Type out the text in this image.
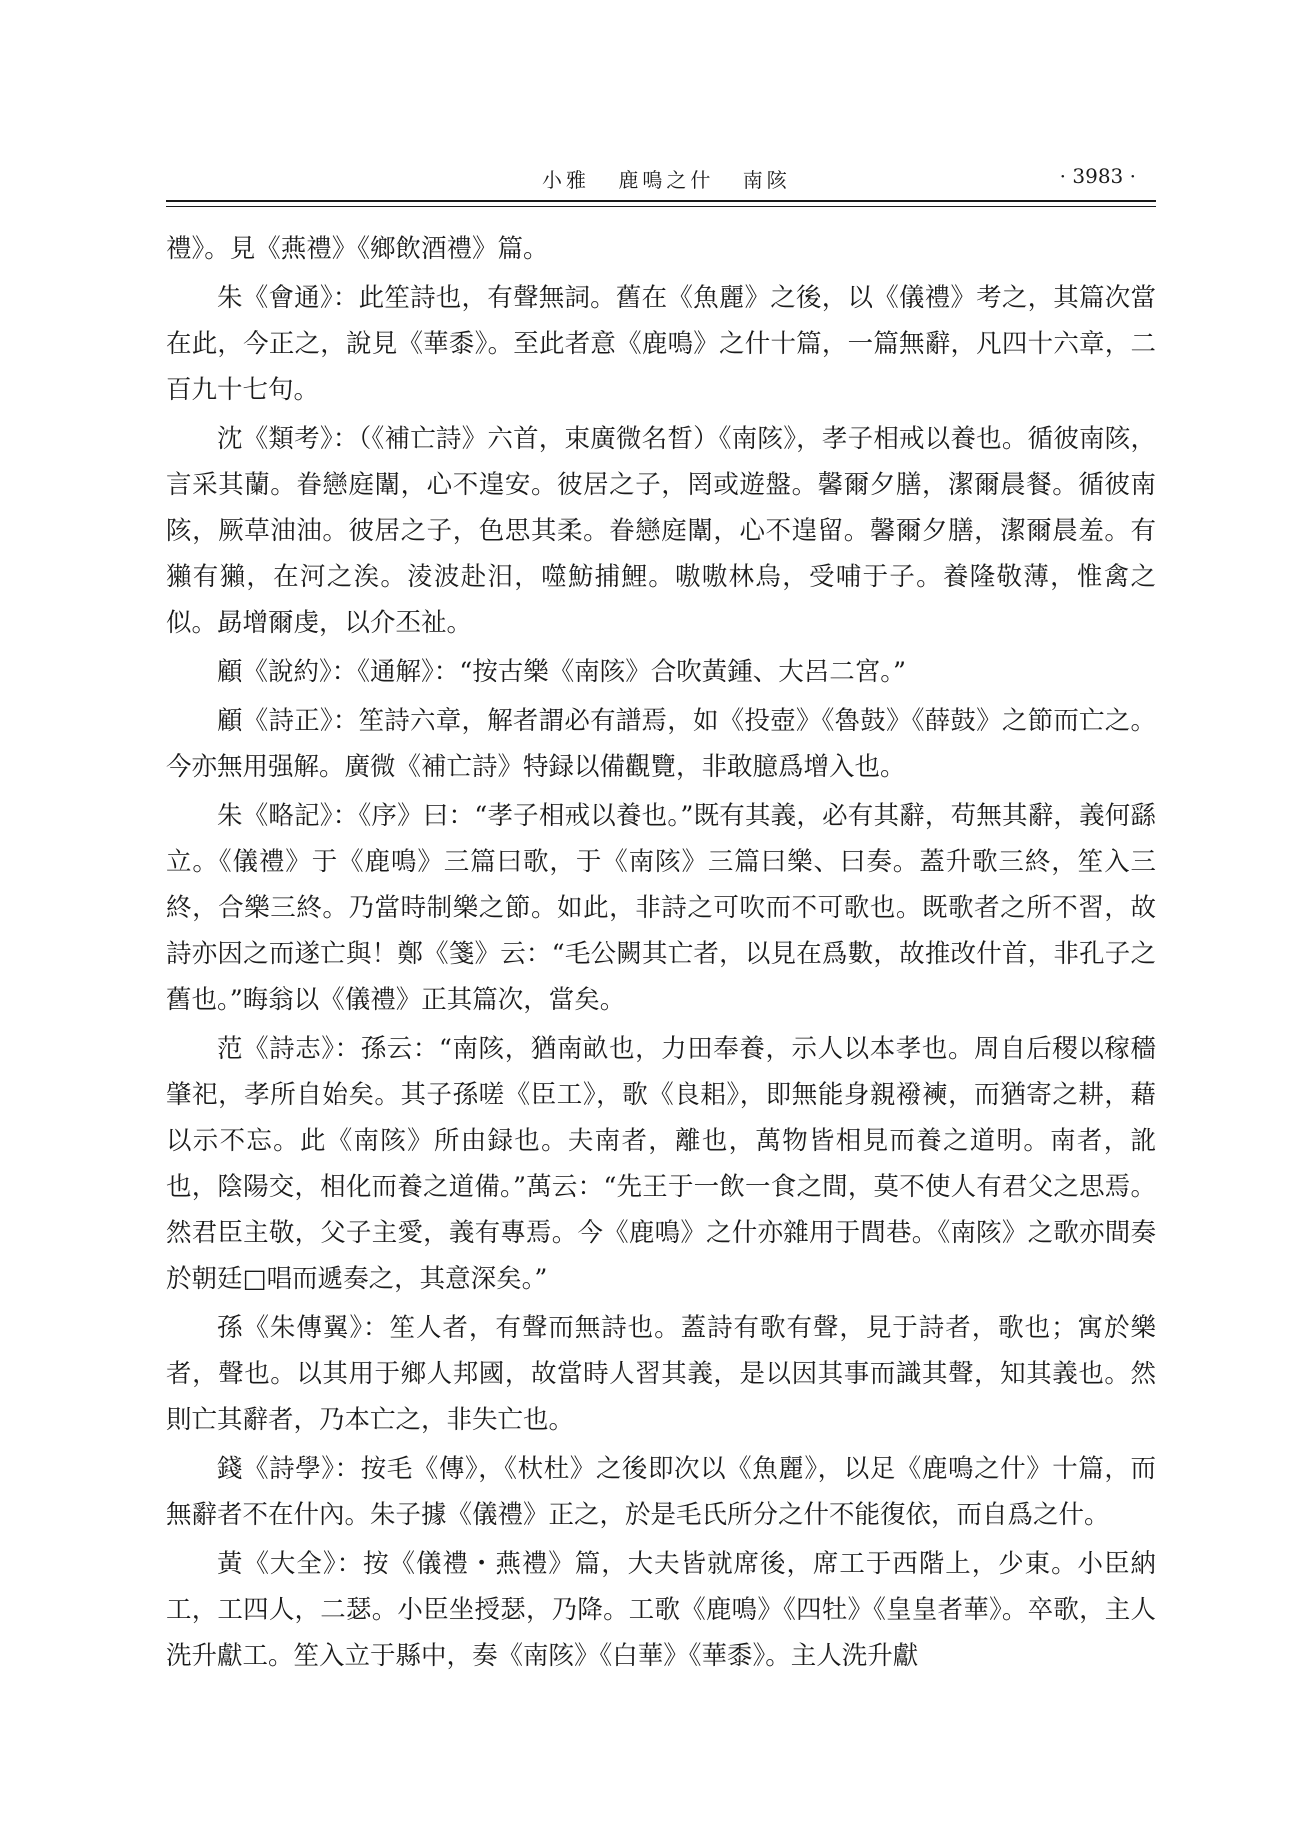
小雅 鹿鳴之什 南陔	· 3983 ·

禮》。見《燕禮》《鄉飲酒禮》篇。

朱《會通》：此笙詩也，有聲無詞。舊在《魚麗》之後，以《儀禮》考之，其篇次當在此，今正之，說見《華黍》。至此者意《鹿鳴》之什十篇，一篇無辭，凡四十六章，二百九十七句。

沈《類考》：（《補亡詩》六首，束廣微名晳）《南陔》，孝子相戒以養也。循彼南陔，言采其蘭。眷戀庭闈，心不遑安。彼居之子，罔或遊盤。馨爾夕膳，潔爾晨餐。循彼南陔，厥草油油。彼居之子，色思其柔。眷戀庭闈，心不遑留。馨爾夕膳，潔爾晨羞。有獺有獺，在河之涘。淩波赴汨，噬魴捕鯉。嗷嗷林烏，受哺于子。養隆敬薄，惟禽之似。勗增爾虔，以介丕祉。

顧《說約》：《通解》：“按古樂《南陔》合吹黃鍾、大呂二宮。”

顧《詩正》：笙詩六章，解者謂必有譜焉，如《投壺》《魯鼓》《薛鼓》之節而亡之。今亦無用强解。廣微《補亡詩》特録以備觀覽，非敢臆爲增入也。

朱《略記》：《序》曰：“孝子相戒以養也。”既有其義，必有其辭，苟無其辭，義何繇立。《儀禮》于《鹿鳴》三篇曰歌，于《南陔》三篇曰樂、曰奏。蓋升歌三終，笙入三終，合樂三終。乃當時制樂之節。如此，非詩之可吹而不可歌也。既歌者之所不習，故詩亦因之而遂亡與！鄭《箋》云：“毛公闕其亡者，以見在爲數，故推改什首，非孔子之舊也。”晦翁以《儀禮》正其篇次，當矣。

范《詩志》：孫云：“南陔，猶南畝也，力田奉養，示人以本孝也。周自后稷以稼穡肇祀，孝所自始矣。其子孫嗟《臣工》，歌《良耜》，即無能身親襏襫，而猶寄之耕，藉以示不忘。此《南陔》所由録也。夫南者，離也，萬物皆相見而養之道明。南者，訛也，陰陽交，相化而養之道備。”萬云：“先王于一飲一食之間，莫不使人有君父之思焉。然君臣主敬，父子主愛，義有專焉。今《鹿鳴》之什亦雜用于閭巷。《南陔》之歌亦間奏於朝廷□唱而遞奏之，其意深矣。”

孫《朱傳翼》：笙人者，有聲而無詩也。蓋詩有歌有聲，見于詩者，歌也；寓於樂者，聲也。以其用于鄉人邦國，故當時人習其義，是以因其事而識其聲，知其義也。然則亡其辭者，乃本亡之，非失亡也。

錢《詩學》：按毛《傳》，《杕杜》之後即次以《魚麗》，以足《鹿鳴之什》十篇，而無辭者不在什內。朱子據《儀禮》正之，於是毛氏所分之什不能復依，而自爲之什。

黃《大全》：按《儀禮・燕禮》篇，大夫皆就席後，席工于西階上，少東。小臣納工，工四人，二瑟。小臣坐授瑟，乃降。工歌《鹿鳴》《四牡》《皇皇者華》。卒歌，主人洗升獻工。笙入立于縣中，奏《南陔》《白華》《華黍》。主人洗升獻
